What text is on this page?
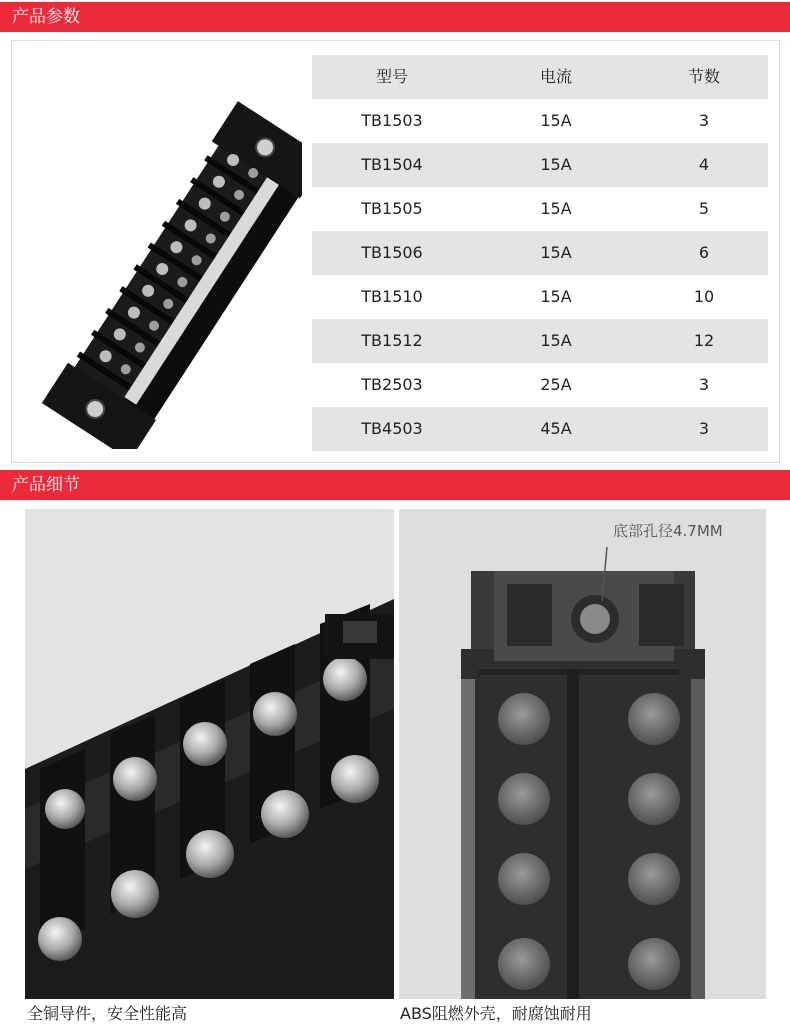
产品参数
型号	电流	节数
TB1503	15A	3
TB1504	15A	4
TB1505	15A	5
TB1506	15A	6
TB1510	15A	10
TB1512	15A	12
TB2503	25A	3
TB4503	45A	3
产品细节
底部孔径4.7MM
全铜导件，安全性能高	ABS阻燃外壳，耐腐蚀耐用
